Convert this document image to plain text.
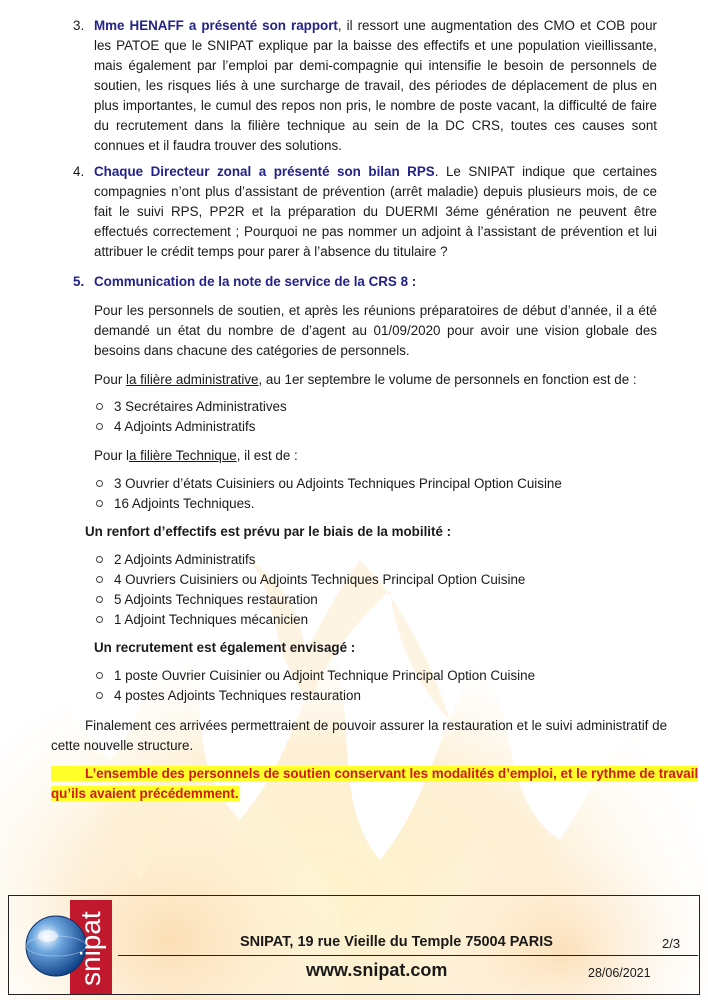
3. Mme HENAFF a présenté son rapport, il ressort une augmentation des CMO et COB pour les PATOE que le SNIPAT explique par la baisse des effectifs et une population vieillissante, mais également par l’emploi par demi-compagnie qui intensifie le besoin de personnels de soutien, les risques liés à une surcharge de travail, des périodes de déplacement de plus en plus importantes, le cumul des repos non pris, le nombre de poste vacant, la difficulté de faire du recrutement dans la filière technique au sein de la DC CRS, toutes ces causes sont connues et il faudra trouver des solutions.
4. Chaque Directeur zonal a présenté son bilan RPS. Le SNIPAT indique que certaines compagnies n’ont plus d’assistant de prévention (arrêt maladie) depuis plusieurs mois, de ce fait le suivi RPS, PP2R et la préparation du DUERMI 3éme génération ne peuvent être effectués correctement ; Pourquoi ne pas nommer un adjoint à l’assistant de prévention et lui attribuer le crédit temps pour parer à l’absence du titulaire ?
5. Communication de la note de service de la CRS 8 :
Pour les personnels de soutien, et après les réunions préparatoires de début d’année, il a été demandé un état du nombre de d’agent au 01/09/2020 pour avoir une vision globale des besoins dans chacune des catégories de personnels.
Pour la filière administrative, au 1er septembre le volume de personnels en fonction est de :
3 Secrétaires Administratives
4 Adjoints Administratifs
Pour la filière Technique, il est de :
3 Ouvrier d’états Cuisiniers ou Adjoints Techniques Principal Option Cuisine
16 Adjoints Techniques.
Un renfort d’effectifs est prévu par le biais de la mobilité :
2 Adjoints Administratifs
4 Ouvriers Cuisiniers ou Adjoints Techniques Principal Option Cuisine
5 Adjoints Techniques restauration
1 Adjoint Techniques mécanicien
Un recrutement est également envisagé :
1 poste Ouvrier Cuisinier ou Adjoint Technique Principal Option Cuisine
4 postes Adjoints Techniques restauration
Finalement ces arrivées permettraient de pouvoir assurer la restauration et le suivi administratif de
cette nouvelle structure.
L’ensemble des personnels de soutien conservant les modalités d’emploi, et le rythme de travail
qu’ils avaient précédemment.
snipat	SNIPAT, 19 rue Vieille du Temple 75004 PARIS	2/3
www.snipat.com	28/06/2021
